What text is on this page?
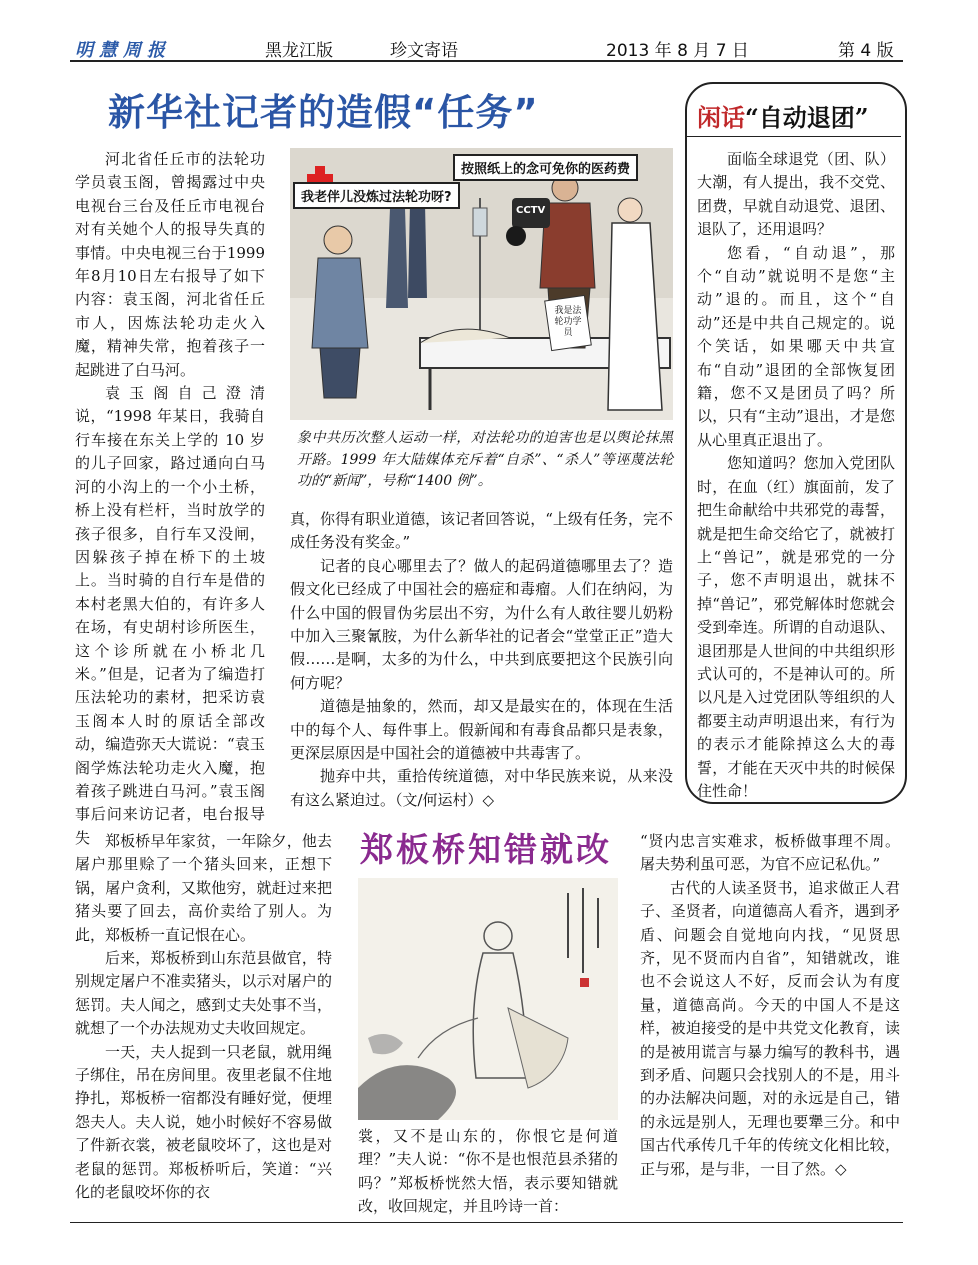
明慧周报	黑龙江版	珍文寄语	2013 年 8 月 7 日	第 4 版
新华社记者的造假“任务”

河北省任丘市的法轮功学员袁玉阁，曾揭露过中央电视台三台及任丘市电视台对有关她个人的报导失真的事情。中央电视三台于1999年8月10日左右报导了如下内容：袁玉阁，河北省任丘市人，因炼法轮功走火入魔，精神失常，抱着孩子一起跳进了白马河。

袁玉阁自己澄清说，“1998 年某日，我骑自行车接在东关上学的 10 岁的儿子回家，路过通向白马河的小沟上的一个小土桥，桥上没有栏杆，当时放学的孩子很多，自行车又没闸，因躲孩子掉在桥下的土坡上。当时骑的自行车是借的本村老黑大伯的，有许多人在场，有史胡村诊所医生，这个诊所就在小桥北几米。”但是，记者为了编造打压法轮功的素材，把采访袁玉阁本人时的原话全部改动，编造弥天大谎说：“袁玉阁学炼法轮功走火入魔，抱着孩子跳进白马河。”袁玉阁事后问来访记者，电台报导失

按照纸上的念可免你的医药费
我老伴儿没炼过法轮功呀?
CCTV
我是法轮功学员
象中共历次整人运动一样，对法轮功的迫害也是以舆论抹黑开路。1999 年大陆媒体充斥着“自杀”、“杀人”等诬蔑法轮功的“新闻”，号称“1400 例”。

真，你得有职业道德，该记者回答说，“上级有任务，完不成任务没有奖金。”

记者的良心哪里去了？做人的起码道德哪里去了？造假文化已经成了中国社会的癌症和毒瘤。人们在纳闷，为什么中国的假冒伪劣层出不穷，为什么有人敢往婴儿奶粉中加入三聚氰胺，为什么新华社的记者会“堂堂正正”造大假……是啊，太多的为什么，中共到底要把这个民族引向何方呢？

道德是抽象的，然而，却又是最实在的，体现在生活中的每个人、每件事上。假新闻和有毒食品都只是表象，更深层原因是中国社会的道德被中共毒害了。

抛弃中共，重拾传统道德，对中华民族来说，从来没有这么紧迫过。（文/何运村）◇

闲话“自动退团”

面临全球退党（团、队）大潮，有人提出，我不交党、团费，早就自动退党、退团、退队了，还用退吗？

您看，“自动退”，那个“自动”就说明不是您“主动”退的。而且，这个“自动”还是中共自己规定的。说个笑话，如果哪天中共宣布“自动”退团的全部恢复团籍，您不又是团员了吗？所以，只有“主动”退出，才是您从心里真正退出了。

您知道吗？您加入党团队时，在血（红）旗面前，发了把生命献给中共邪党的毒誓，就是把生命交给它了，就被打上“兽记”，就是邪党的一分子，您不声明退出，就抹不掉“兽记”，邪党解体时您就会受到牵连。所谓的自动退队、退团那是人世间的中共组织形式认可的，不是神认可的。所以凡是入过党团队等组织的人都要主动声明退出来，有行为的表示才能除掉这么大的毒誓，才能在天灭中共的时候保住性命！

郑板桥早年家贫，一年除夕，他去屠户那里赊了一个猪头回来，正想下锅，屠户贪利，又欺他穷，就赶过来把猪头要了回去，高价卖给了别人。为此，郑板桥一直记恨在心。

后来，郑板桥到山东范县做官，特别规定屠户不准卖猪头，以示对屠户的惩罚。夫人闻之，感到丈夫处事不当，就想了一个办法规劝丈夫收回规定。

一天，夫人捉到一只老鼠，就用绳子绑住，吊在房间里。夜里老鼠不住地挣扎，郑板桥一宿都没有睡好觉，便埋怨夫人。夫人说，她小时候好不容易做了件新衣裳，被老鼠咬坏了，这也是对老鼠的惩罚。郑板桥听后，笑道：“兴化的老鼠咬坏你的衣

郑板桥知错就改

裳，又不是山东的，你恨它是何道理？”夫人说：“你不是也恨范县杀猪的吗？”郑板桥恍然大悟，表示要知错就改，收回规定，并且吟诗一首：

“贤内忠言实难求，板桥做事理不周。屠夫势利虽可恶，为官不应记私仇。”

古代的人读圣贤书，追求做正人君子、圣贤者，向道德高人看齐，遇到矛盾、问题会自觉地向内找，“见贤思齐，见不贤而内自省”，知错就改，谁也不会说这人不好，反而会认为有度量，道德高尚。今天的中国人不是这样，被迫接受的是中共党文化教育，读的是被用谎言与暴力编写的教科书，遇到矛盾、问题只会找别人的不是，用斗的办法解决问题，对的永远是自己，错的永远是别人，无理也要犟三分。和中国古代承传几千年的传统文化相比较，正与邪，是与非，一目了然。◇
